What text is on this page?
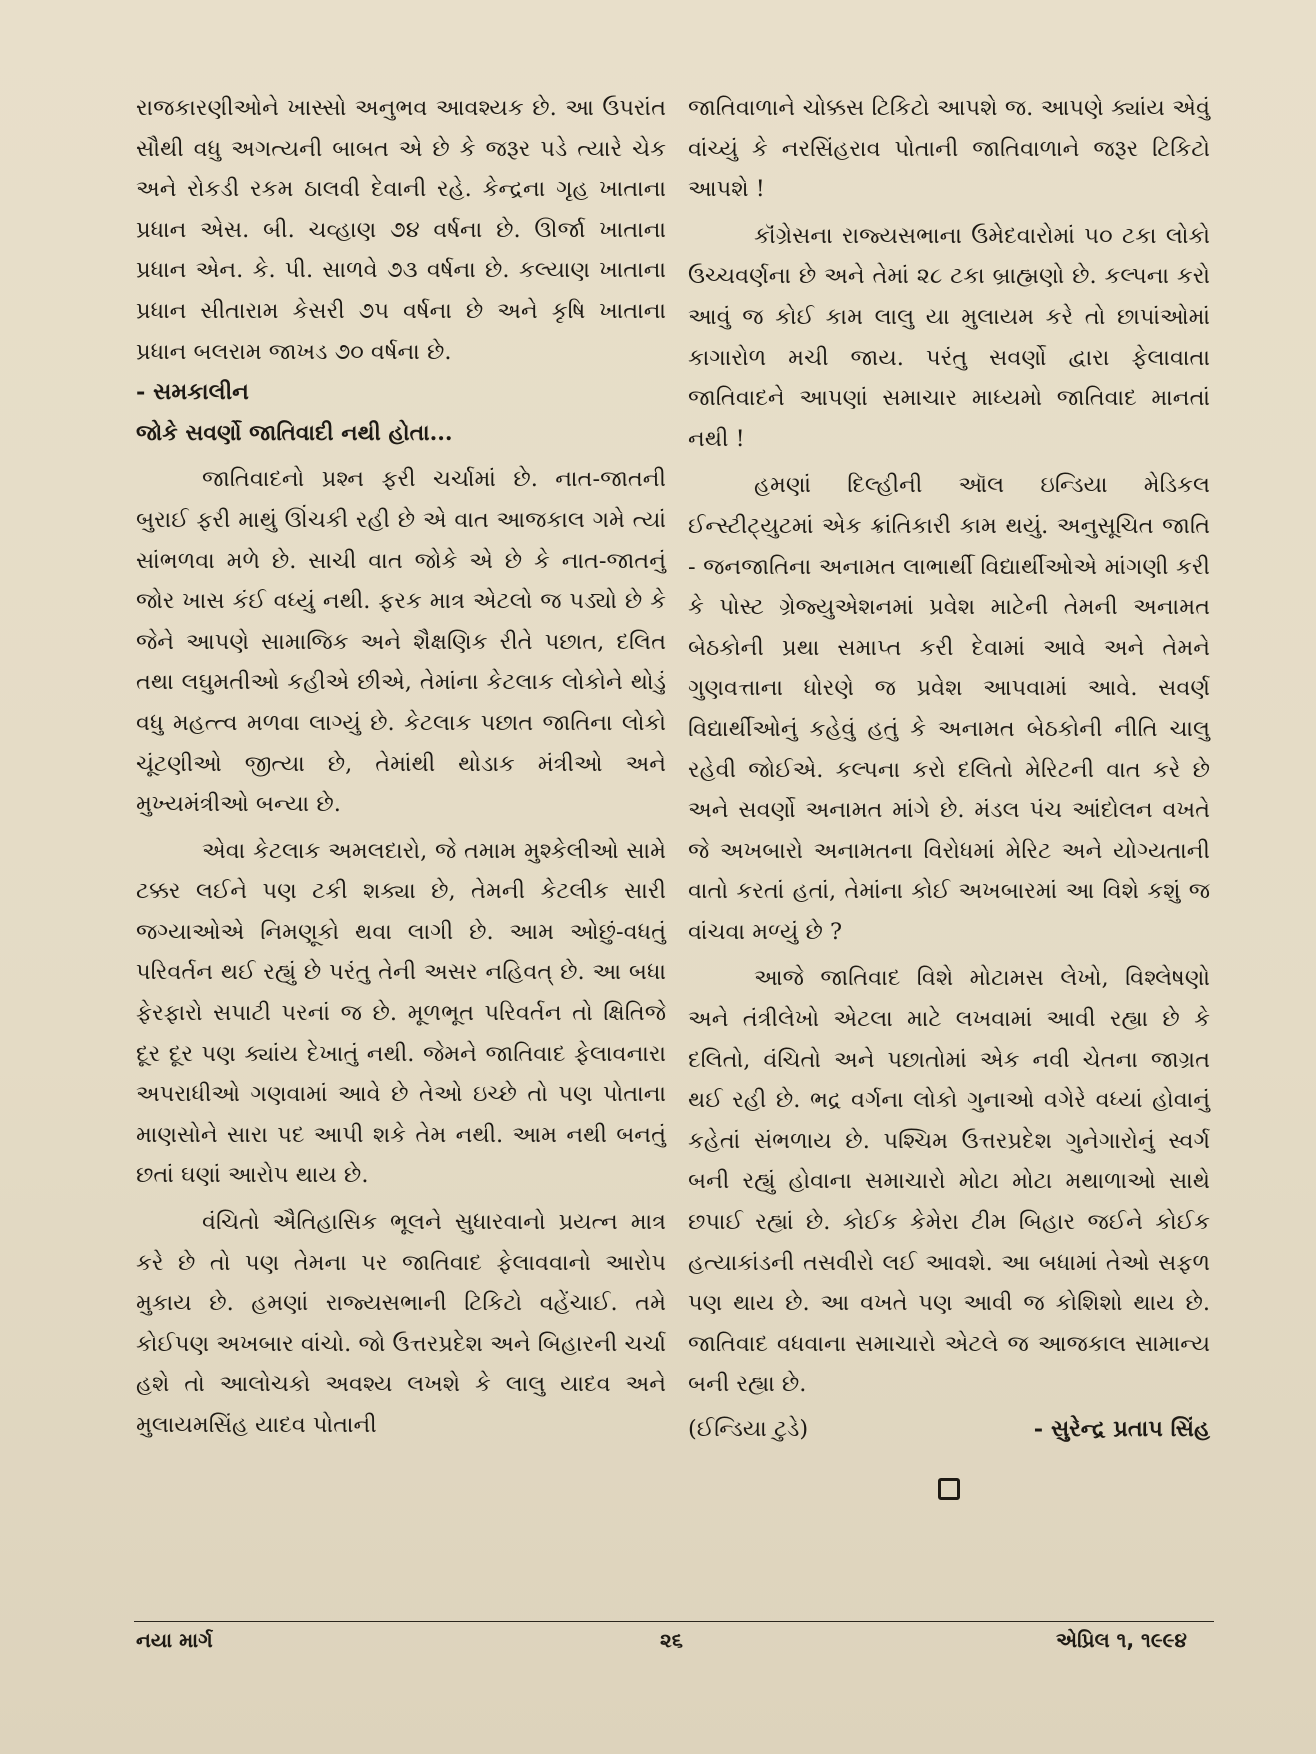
રાજકારણીઓને ખાસ્સો અનુભવ આવશ્યક છે. આ ઉપરાંત સૌથી વધુ અગત્યની બાબત એ છે કે જરૂર પડે ત્યારે ચેક અને રોકડી રકમ ઠાલવી દેવાની રહે. કેન્દ્રના ગૃહ ખાતાના પ્રધાન એસ. બી. ચવ્હાણ ૭૪ વર્ષના છે. ઊર્જા ખાતાના પ્રધાન એન. કે. પી. સાળવે ૭૩ વર્ષના છે. કલ્યાણ ખાતાના પ્રધાન સીતારામ કેસરી ૭૫ વર્ષના છે અને કૃષિ ખાતાના પ્રધાન બલરામ જાખડ ૭૦ વર્ષના છે.

- સમકાલીન

જોકે સવર્ણો જાતિવાદી નથી હોતા...

જાતિવાદનો પ્રશ્ન ફરી ચર્ચામાં છે. નાત-જાતની બુરાઈ ફરી માથું ઊંચકી રહી છે એ વાત આજકાલ ગમે ત્યાં સાંભળવા મળે છે. સાચી વાત જોકે એ છે કે નાત-જાતનું જોર ખાસ કંઈ વધ્યું નથી. ફરક માત્ર એટલો જ પડ્યો છે કે જેને આપણે સામાજિક અને શૈક્ષણિક રીતે પછાત, દલિત તથા લઘુમતીઓ કહીએ છીએ, તેમાંના કેટલાક લોકોને થોડું વધુ મહત્ત્વ મળવા લાગ્યું છે. કેટલાક પછાત જાતિના લોકો ચૂંટણીઓ જીત્યા છે, તેમાંથી થોડાક મંત્રીઓ અને મુખ્યમંત્રીઓ બન્યા છે.

એવા કેટલાક અમલદારો, જે તમામ મુશ્કેલીઓ સામે ટક્કર લઈને પણ ટકી શક્યા છે, તેમની કેટલીક સારી જગ્યાઓએ નિમણૂકો થવા લાગી છે. આમ ઓછું-વધતું પરિવર્તન થઈ રહ્યું છે પરંતુ તેની અસર નહિવત્ છે. આ બધા ફેરફારો સપાટી પરનાં જ છે. મૂળભૂત પરિવર્તન તો ક્ષિતિજે દૂર દૂર પણ ક્યાંય દેખાતું નથી. જેમને જાતિવાદ ફેલાવનારા અપરાધીઓ ગણવામાં આવે છે તેઓ ઇચ્છે તો પણ પોતાના માણસોને સારા પદ આપી શકે તેમ નથી. આમ નથી બનતું છતાં ઘણાં આરોપ થાય છે.

વંચિતો ઐતિહાસિક ભૂલને સુધારવાનો પ્રયત્ન માત્ર કરે છે તો પણ તેમના પર જાતિવાદ ફેલાવવાનો આરોપ મુકાય છે. હમણાં રાજ્યસભાની ટિકિટો વહેંચાઈ. તમે કોઈપણ અખબાર વાંચો. જો ઉત્તરપ્રદેશ અને બિહારની ચર્ચા હશે તો આલોચકો અવશ્ય લખશે કે લાલુ યાદવ અને મુલાયમસિંહ યાદવ પોતાની

જાતિવાળાને ચોક્કસ ટિકિટો આપશે જ. આપણે ક્યાંય એવું વાંચ્યું કે નરસિંહરાવ પોતાની જાતિવાળાને જરૂર ટિકિટો આપશે !

કૉંગ્રેસના રાજ્યસભાના ઉમેદવારોમાં ૫૦ ટકા લોકો ઉચ્ચવર્ણના છે અને તેમાં ૨૮ ટકા બ્રાહ્મણો છે. કલ્પના કરો આવું જ કોઈ કામ લાલુ યા મુલાયમ કરે તો છાપાંઓમાં કાગારોળ મચી જાય. પરંતુ સવર્ણો દ્વારા ફેલાવાતા જાતિવાદને આપણાં સમાચાર માધ્યમો જાતિવાદ માનતાં નથી !

હમણાં દિલ્હીની ઑલ ઇન્ડિયા મેડિકલ ઈન્સ્ટીટ્યુટમાં એક ક્રાંતિકારી કામ થયું. અનુસૂચિત જાતિ - જનજાતિના અનામત લાભાર્થી વિદ્યાર્થીઓએ માંગણી કરી કે પોસ્ટ ગ્રેજ્યુએશનમાં પ્રવેશ માટેની તેમની અનામત બેઠકોની પ્રથા સમાપ્ત કરી દેવામાં આવે અને તેમને ગુણવત્તાના ધોરણે જ પ્રવેશ આપવામાં આવે. સવર્ણ વિદ્યાર્થીઓનું કહેવું હતું કે અનામત બેઠકોની નીતિ ચાલુ રહેવી જોઈએ. કલ્પના કરો દલિતો મેરિટની વાત કરે છે અને સવર્ણો અનામત માંગે છે. મંડલ પંચ આંદોલન વખતે જે અખબારો અનામતના વિરોધમાં મેરિટ અને યોગ્યતાની વાતો કરતાં હતાં, તેમાંના કોઈ અખબારમાં આ વિશે કશું જ વાંચવા મળ્યું છે ?

આજે જાતિવાદ વિશે મોટામસ લેખો, વિશ્લેષણો અને તંત્રીલેખો એટલા માટે લખવામાં આવી રહ્યા છે કે દલિતો, વંચિતો અને પછાતોમાં એક નવી ચેતના જાગ્રત થઈ રહી છે. ભદ્ર વર્ગના લોકો ગુનાઓ વગેરે વધ્યાં હોવાનું કહેતાં સંભળાય છે. પશ્ચિમ ઉત્તરપ્રદેશ ગુનેગારોનું સ્વર્ગ બની રહ્યું હોવાના સમાચારો મોટા મોટા મથાળાઓ સાથે છપાઈ રહ્યાં છે. કોઈક કેમેરા ટીમ બિહાર જઈને કોઈક હત્યાકાંડની તસવીરો લઈ આવશે. આ બધામાં તેઓ સફળ પણ થાય છે. આ વખતે પણ આવી જ કોશિશો થાય છે. જાતિવાદ વધવાના સમાચારો એટલે જ આજકાલ સામાન્ય બની રહ્યા છે.

(ઈન્ડિયા ટુડે)	- સુરેન્દ્ર પ્રતાપ સિંહ
નયા માર્ગ	૨૬	એપ્રિલ ૧, ૧૯૯૪
